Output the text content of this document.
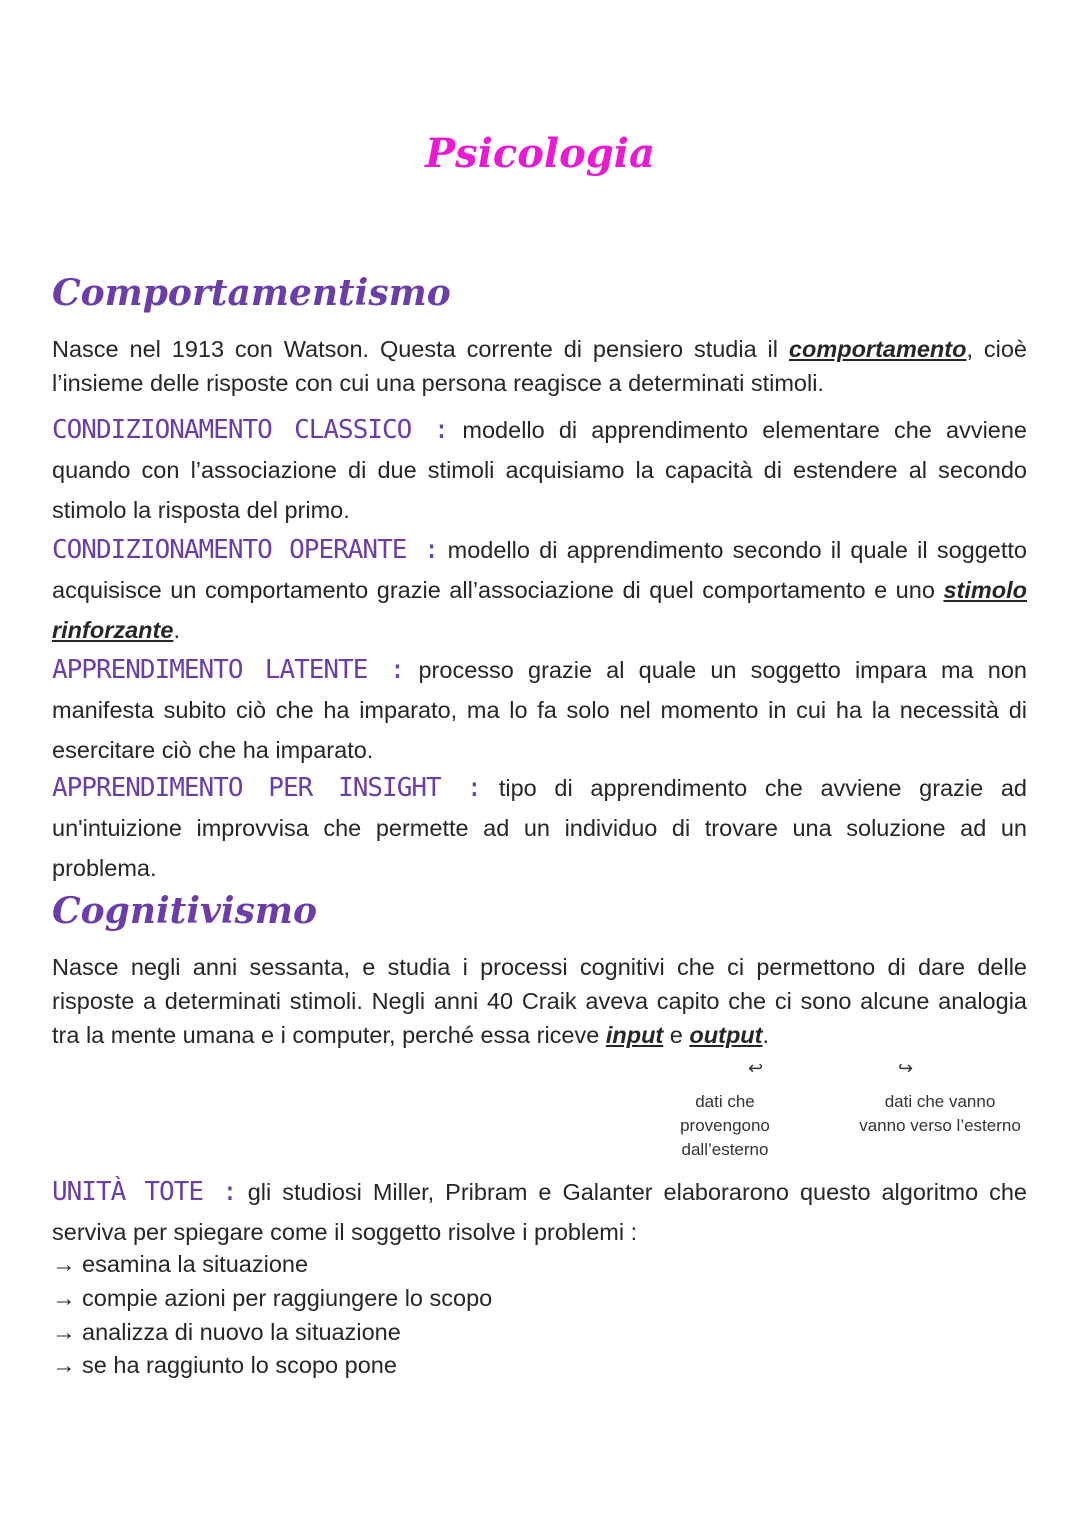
Psicologia
Comportamentismo

Nasce nel 1913 con Watson. Questa corrente di pensiero studia il comportamento, cioè l’insieme delle risposte con cui una persona reagisce a determinati stimoli.

CONDIZIONAMENTO CLASSICO : modello di apprendimento elementare che avviene quando con l’associazione di due stimoli acquisiamo la capacità di estendere al secondo stimolo la risposta del primo.

CONDIZIONAMENTO OPERANTE : modello di apprendimento secondo il quale il soggetto acquisisce un comportamento grazie all’associazione di quel comportamento e uno stimolo rinforzante.

APPRENDIMENTO LATENTE : processo grazie al quale un soggetto impara ma non manifesta subito ciò che ha imparato, ma lo fa solo nel momento in cui ha la necessità di esercitare ciò che ha imparato.

APPRENDIMENTO PER INSIGHT : tipo di apprendimento che avviene grazie ad un'intuizione improvvisa che permette ad un individuo di trovare una soluzione ad un problema.

Cognitivismo

Nasce negli anni sessanta, e studia i processi cognitivi che ci permettono di dare delle risposte a determinati stimoli. Negli anni 40 Craik aveva capito che ci sono alcune analogia tra la mente umana e i computer, perché essa riceve input e output.

↩	↪

dati che
provengono
dall’esterno

dati che vanno
vanno verso l’esterno

UNITÀ TOTE : gli studiosi Miller, Pribram e Galanter elaborarono questo algoritmo che serviva per spiegare come il soggetto risolve i problemi :

→ esamina la situazione
→ compie azioni per raggiungere lo scopo
→ analizza di nuovo la situazione
→ se ha raggiunto lo scopo pone
